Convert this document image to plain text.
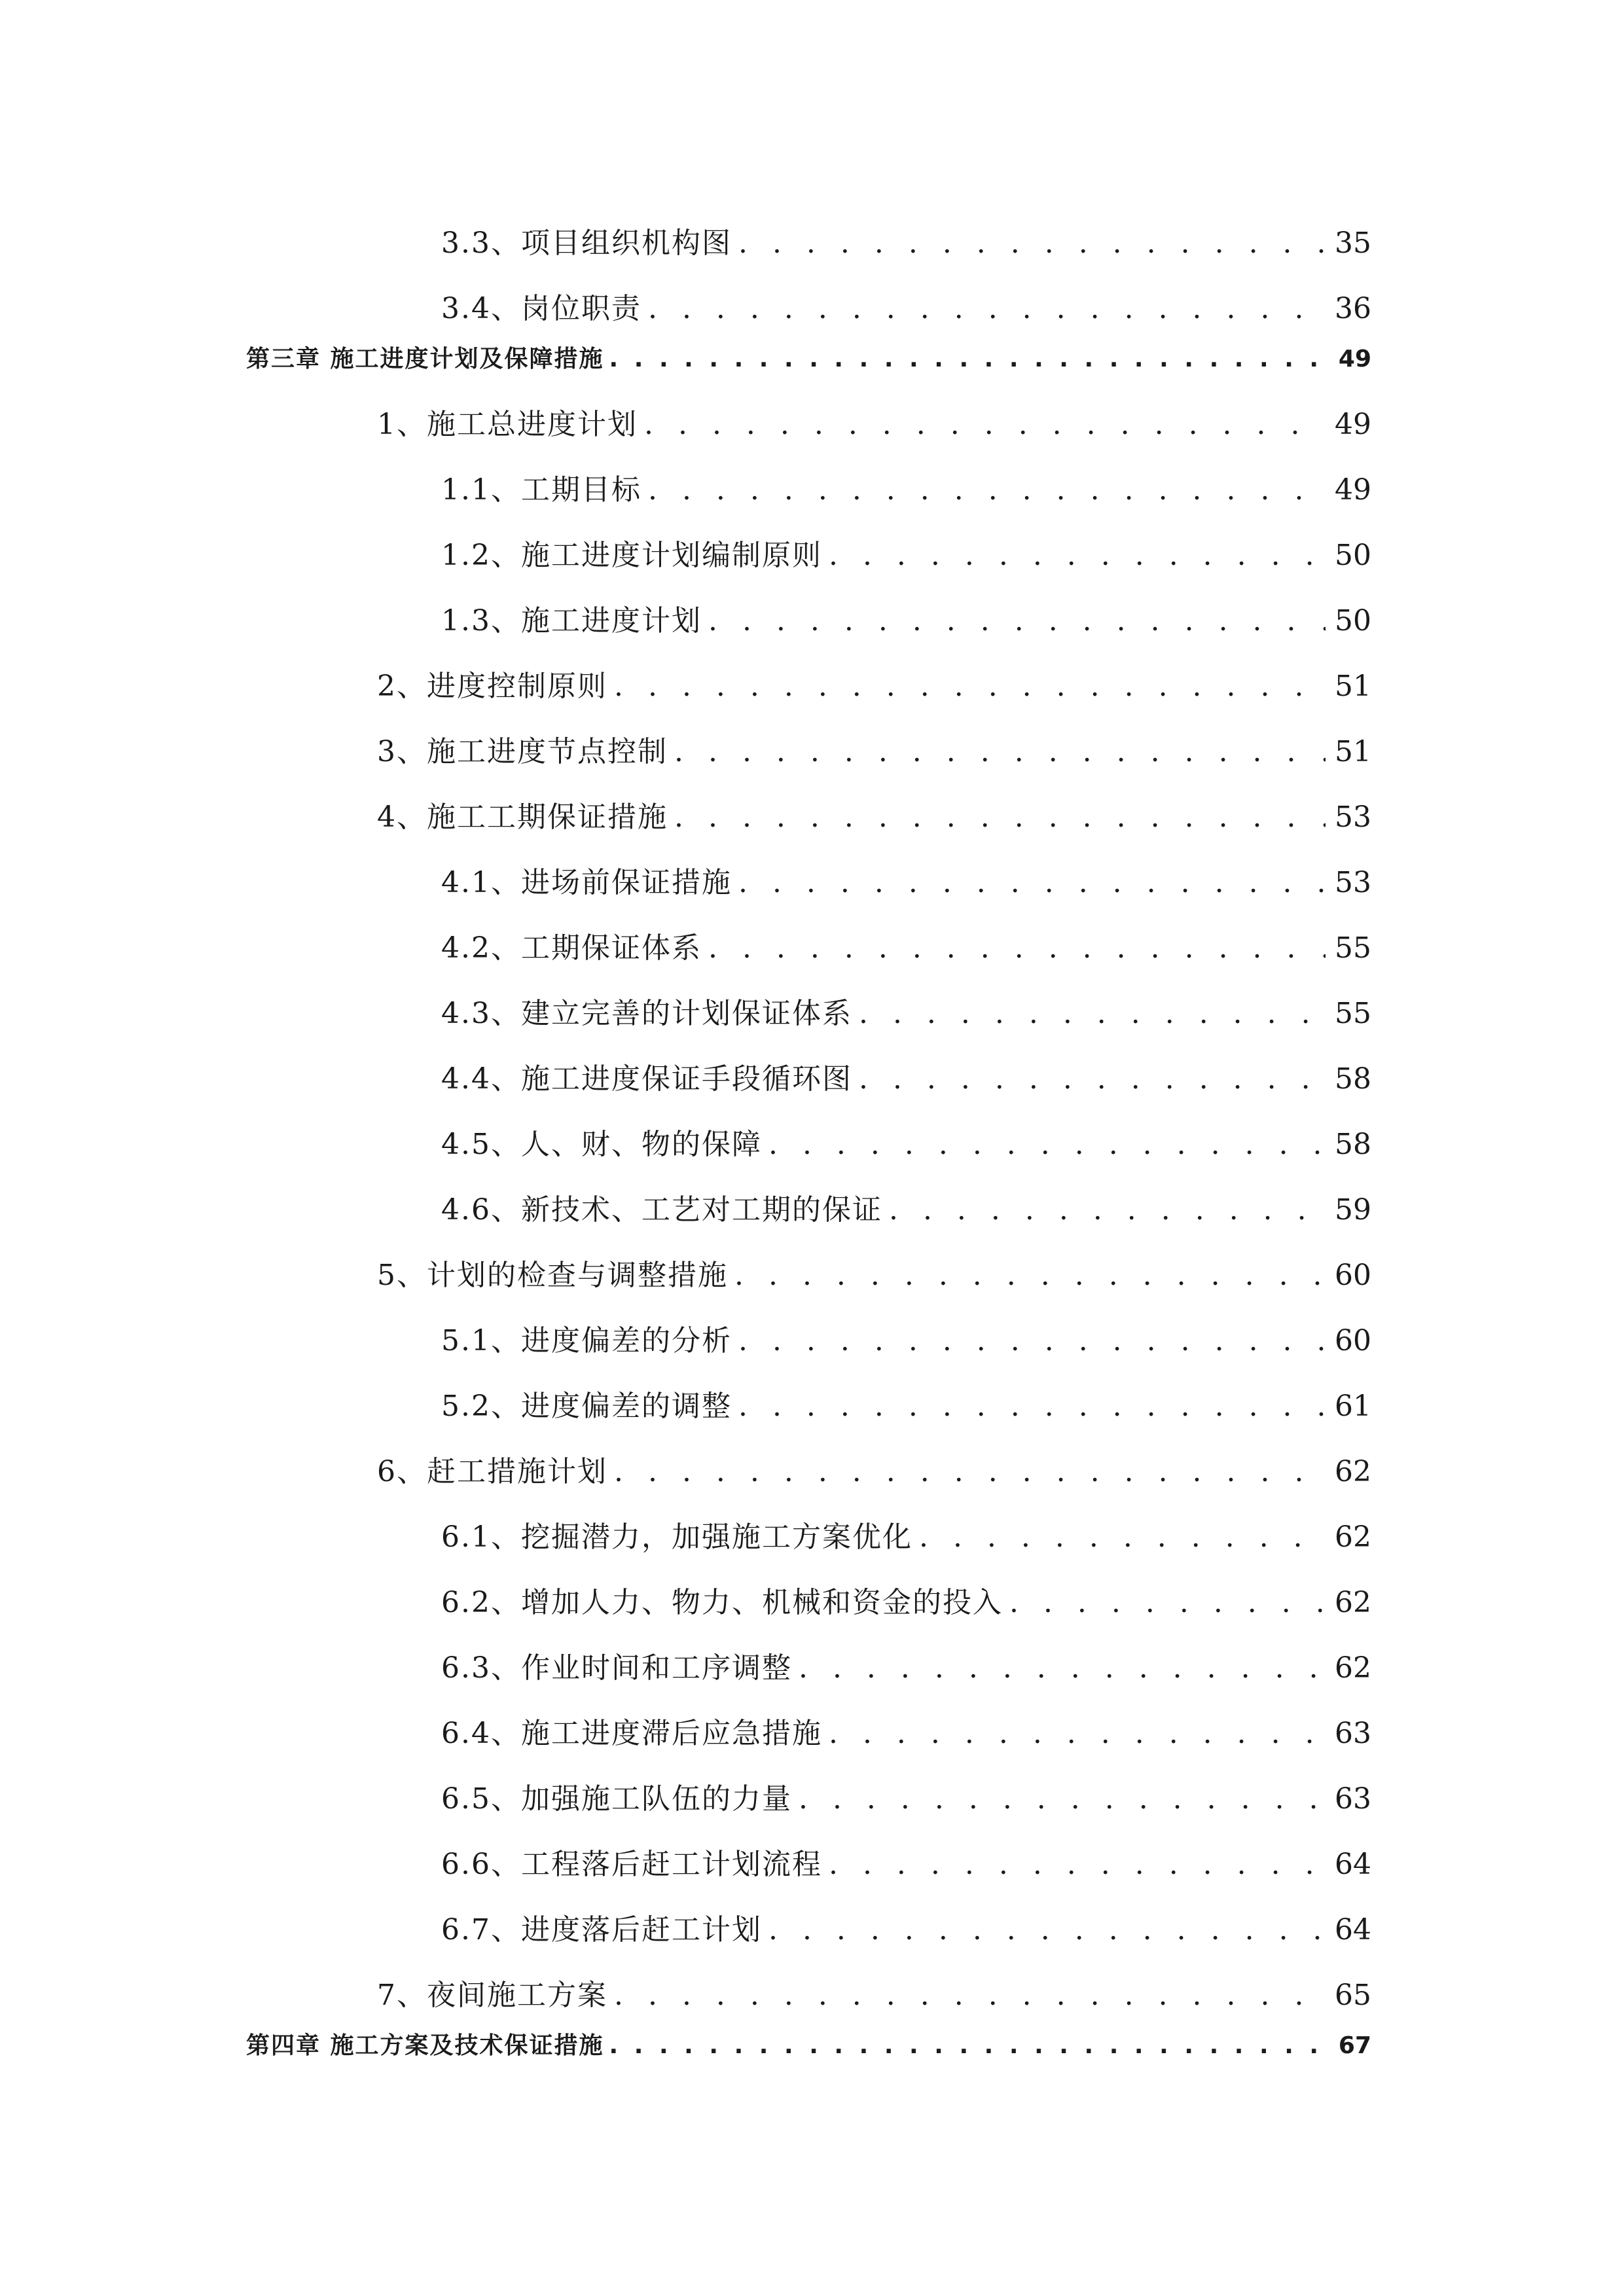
3.3、项目组织机构图 . . .	35
3.4、岗位职责 . . .	36
第三章 施工进度计划及保障措施 . . .	49
1、施工总进度计划 . . .	49
1.1、工期目标 . . .	49
1.2、施工进度计划编制原则 . . .	50
1.3、施工进度计划 . . .	50
2、进度控制原则 . . .	51
3、施工进度节点控制 . . .	51
4、施工工期保证措施 . . .	53
4.1、进场前保证措施 . . .	53
4.2、工期保证体系 . . .	55
4.3、建立完善的计划保证体系 . . .	55
4.4、施工进度保证手段循环图 . . .	58
4.5、人、财、物的保障 . . .	58
4.6、新技术、工艺对工期的保证 . . .	59
5、计划的检查与调整措施 . . .	60
5.1、进度偏差的分析 . . .	60
5.2、进度偏差的调整 . . .	61
6、赶工措施计划 . . .	62
6.1、挖掘潜力，加强施工方案优化 . . .	62
6.2、增加人力、物力、机械和资金的投入 . . .	62
6.3、作业时间和工序调整 . . .	62
6.4、施工进度滞后应急措施 . . .	63
6.5、加强施工队伍的力量 . . .	63
6.6、工程落后赶工计划流程 . . .	64
6.7、进度落后赶工计划 . . .	64
7、夜间施工方案 . . .	65
第四章 施工方案及技术保证措施 . . .	67
